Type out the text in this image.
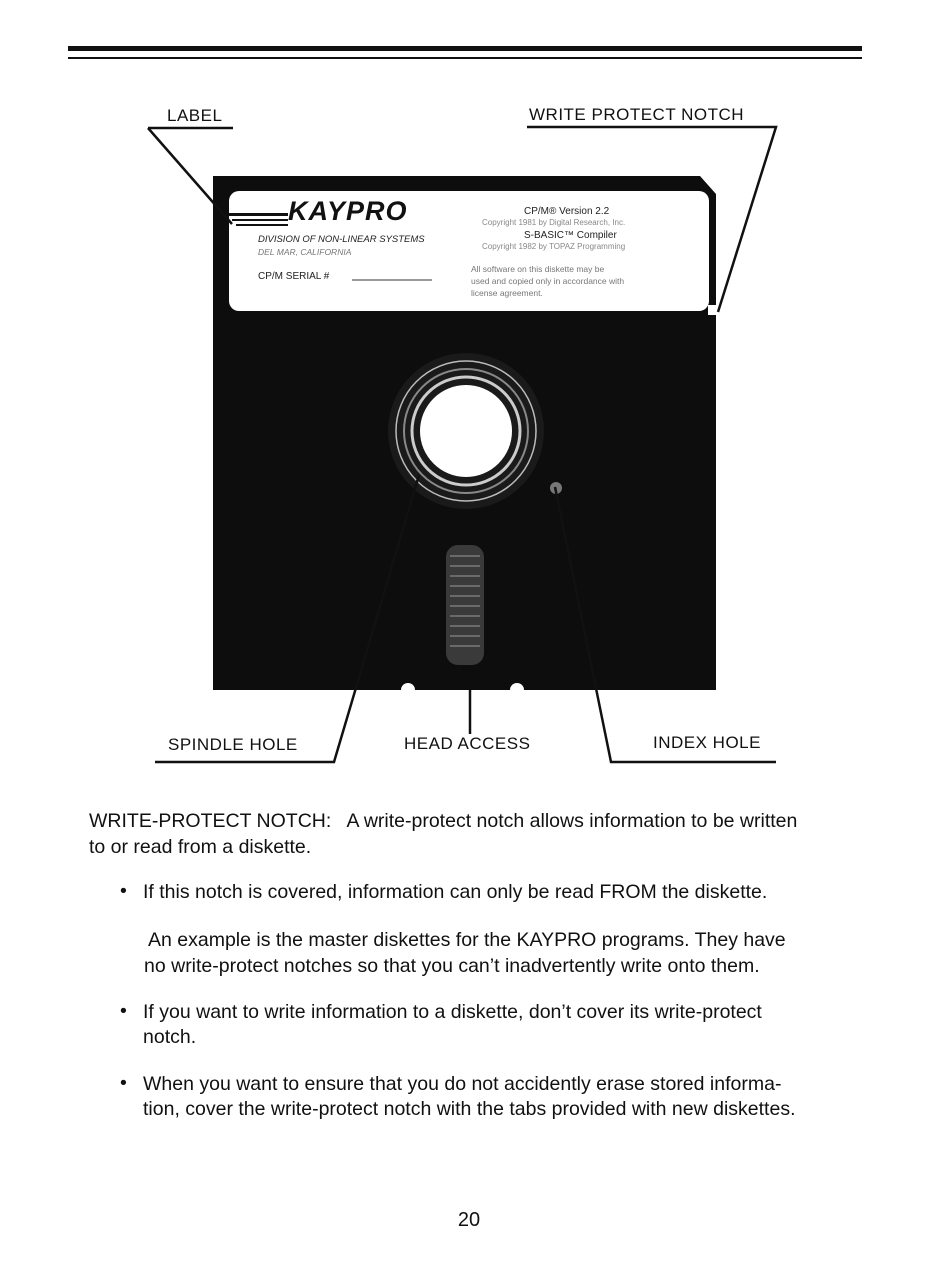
LABEL	WRITE PROTECT NOTCH
SPINDLE HOLE	HEAD ACCESS	INDEX HOLE
KAYPRO
DIVISION OF NON-LINEAR SYSTEMS
DEL MAR, CALIFORNIA
CP/M SERIAL #
CP/M® Version 2.2
Copyright 1981 by Digital Research, Inc.
S-BASIC™ Compiler
Copyright 1982 by TOPAZ Programming
All software on this diskette may be
used and copied only in accordance with
license agreement.
WRITE-PROTECT NOTCH: A write-protect notch allows information to be written
to or read from a diskette.
• If this notch is covered, information can only be read FROM the diskette.
An example is the master diskettes for the KAYPRO programs. They have
no write-protect notches so that you can’t inadvertently write onto them.
• If you want to write information to a diskette, don’t cover its write-protect
notch.
• When you want to ensure that you do not accidently erase stored informa-
tion, cover the write-protect notch with the tabs provided with new diskettes.
20
